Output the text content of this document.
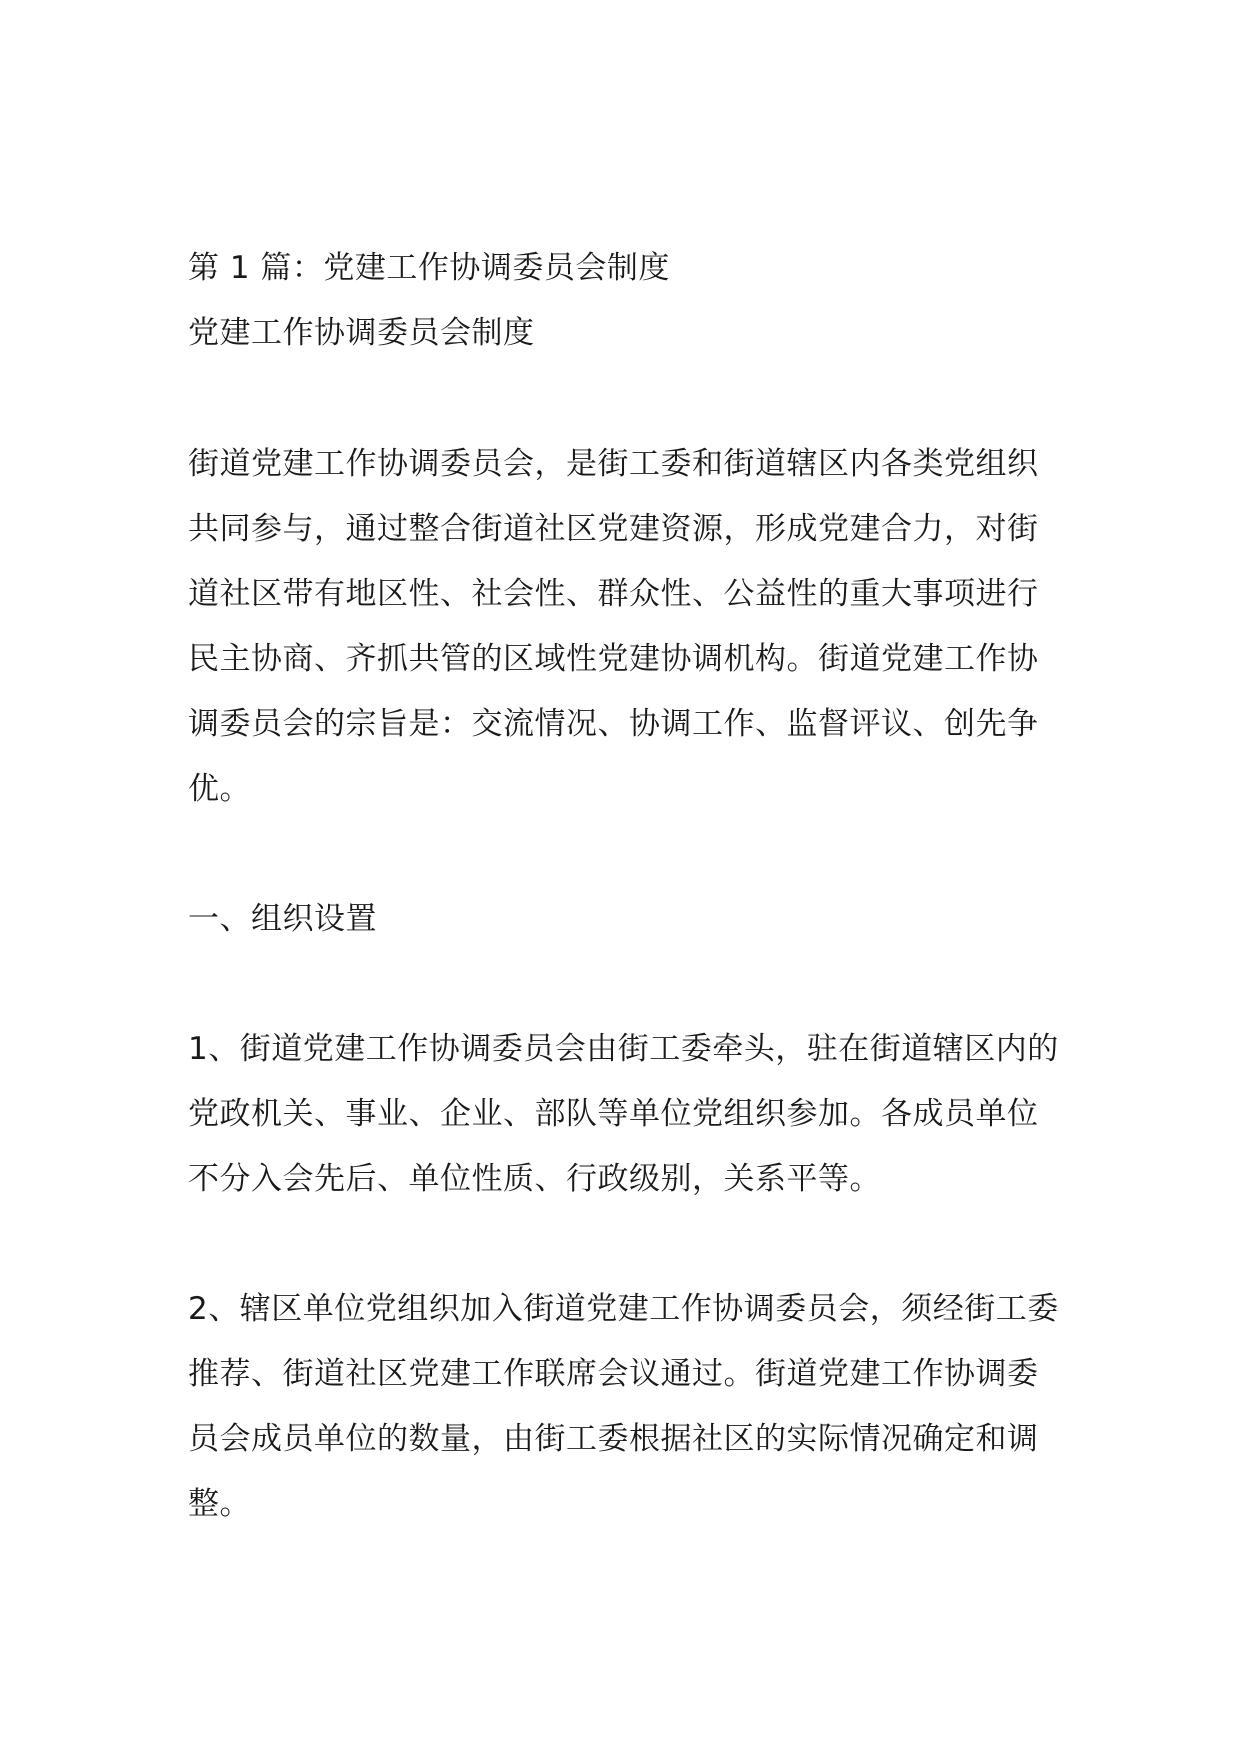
第 1 篇：党建工作协调委员会制度
党建工作协调委员会制度
街道党建工作协调委员会，是街工委和街道辖区内各类党组织
共同参与，通过整合街道社区党建资源，形成党建合力，对街
道社区带有地区性、社会性、群众性、公益性的重大事项进行
民主协商、齐抓共管的区域性党建协调机构。街道党建工作协
调委员会的宗旨是：交流情况、协调工作、监督评议、创先争
优。
一、组织设置
1、街道党建工作协调委员会由街工委牵头，驻在街道辖区内的
党政机关、事业、企业、部队等单位党组织参加。各成员单位
不分入会先后、单位性质、行政级别，关系平等。
2、辖区单位党组织加入街道党建工作协调委员会，须经街工委
推荐、街道社区党建工作联席会议通过。街道党建工作协调委
员会成员单位的数量，由街工委根据社区的实际情况确定和调
整。
